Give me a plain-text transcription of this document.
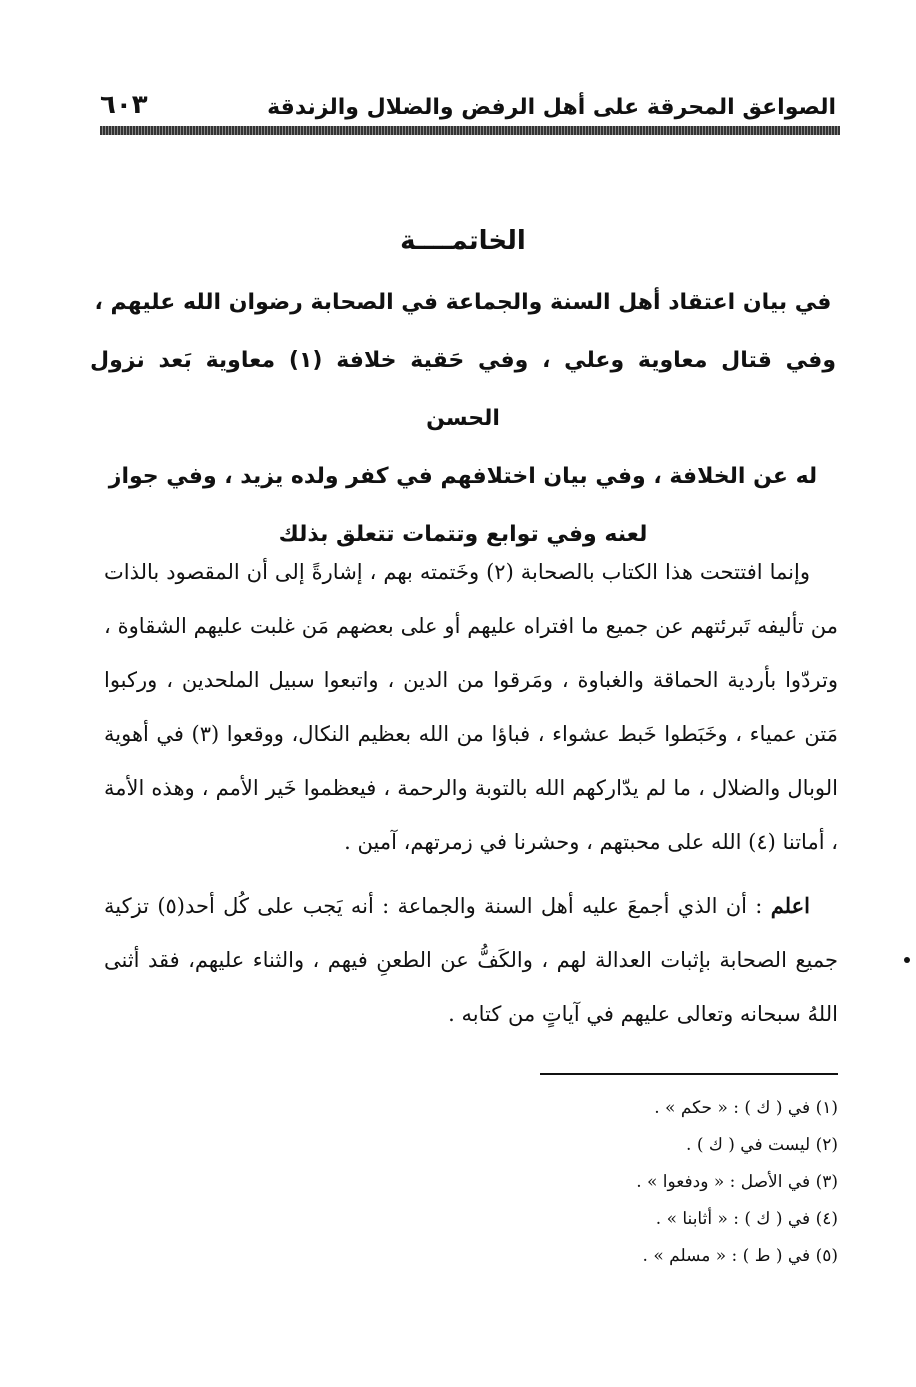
الصواعق المحرقة على أهل الرفض والضلال والزندقة
٦٠٣
الخاتمــــة

في بيان اعتقاد أهل السنة والجماعة في الصحابة رضوان الله عليهم ،

وفي قتال معاوية وعلي ، وفي حَقية خلافة (١) معاوية بَعد نزول الحسن

له عن الخلافة ، وفي بيان اختلافهم في كفر ولده يزيد ، وفي جواز

لعنه وفي توابع وتتمات تتعلق بذلك

وإنما افتتحت هذا الكتاب بالصحابة (٢) وخَتمته بهم ، إشارةً إلى أن المقصود بالذات من تأليفه تَبرئتهم عن جميع ما افتراه عليهم أو على بعضهم مَن غلبت عليهم الشقاوة ، وتردّوا بأردية الحماقة والغباوة ، ومَرقوا من الدين ، واتبعوا سبيل الملحدين ، وركبوا مَتن عمياء ، وخَبَطوا خَبط عشواء ، فباؤا من الله بعظيم النكال، ووقعوا (٣) في أهوية الوبال والضلال ، ما لم يدّاركهم الله بالتوبة والرحمة ، فيعظموا خَير الأمم ، وهذه الأمة ، أماتنا (٤) الله على محبتهم ، وحشرنا في زمرتهم، آمين .

اعلم : أن الذي أجمعَ عليه أهل السنة والجماعة : أنه يَجب على كُل أحد(٥) تزكية جميع الصحابة بإثبات العدالة لهم ، والكَفُّ عن الطعنِ فيهم ، والثناء عليهم، فقد أثنى اللهُ سبحانه وتعالى عليهم في آياتٍ من كتابه .

(١) في ( ك ) : « حكم » .
(٢) ليست في ( ك ) .
(٣) في الأصل : « ودفعوا » .
(٤) في ( ك ) : « أثابنا » .
(٥) في ( ط ) : « مسلم » .
